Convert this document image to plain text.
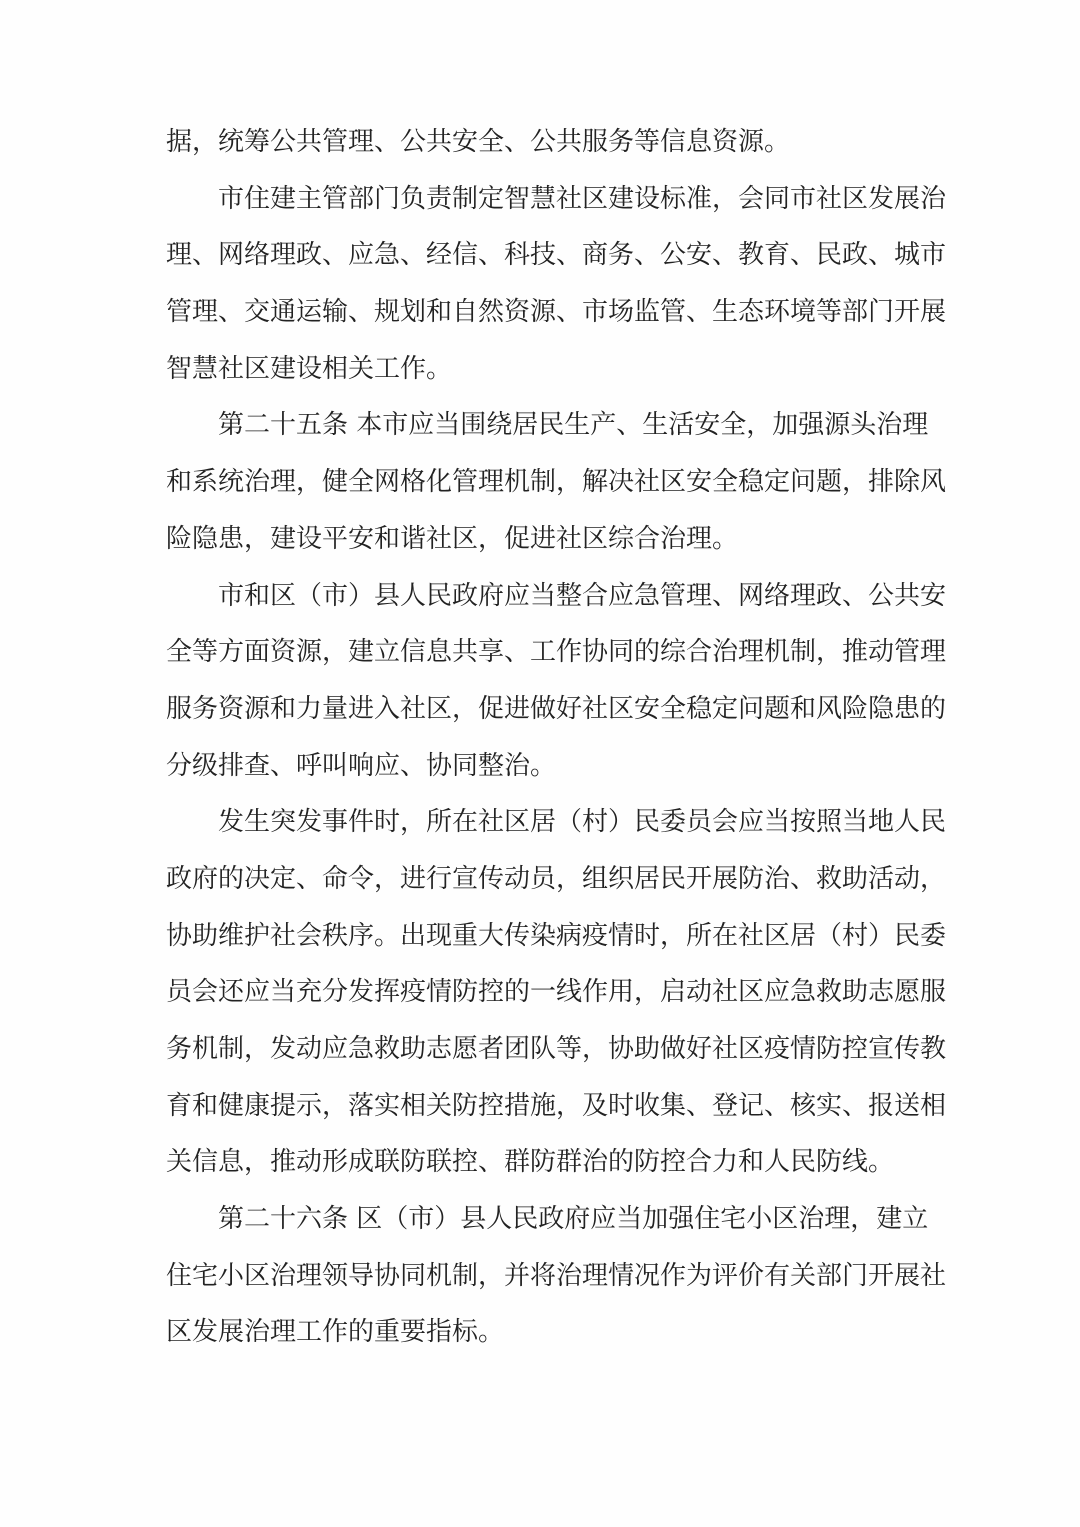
据，统筹公共管理、公共安全、公共服务等信息资源。
市住建主管部门负责制定智慧社区建设标准，会同市社区发展治
理、网络理政、应急、经信、科技、商务、公安、教育、民政、城市
管理、交通运输、规划和自然资源、市场监管、生态环境等部门开展
智慧社区建设相关工作。
第二十五条 本市应当围绕居民生产、生活安全，加强源头治理
和系统治理，健全网格化管理机制，解决社区安全稳定问题，排除风
险隐患，建设平安和谐社区，促进社区综合治理。
市和区（市）县人民政府应当整合应急管理、网络理政、公共安
全等方面资源，建立信息共享、工作协同的综合治理机制，推动管理
服务资源和力量进入社区，促进做好社区安全稳定问题和风险隐患的
分级排查、呼叫响应、协同整治。
发生突发事件时，所在社区居（村）民委员会应当按照当地人民
政府的决定、命令，进行宣传动员，组织居民开展防治、救助活动，
协助维护社会秩序。出现重大传染病疫情时，所在社区居（村）民委
员会还应当充分发挥疫情防控的一线作用，启动社区应急救助志愿服
务机制，发动应急救助志愿者团队等，协助做好社区疫情防控宣传教
育和健康提示，落实相关防控措施，及时收集、登记、核实、报送相
关信息，推动形成联防联控、群防群治的防控合力和人民防线。
第二十六条 区（市）县人民政府应当加强住宅小区治理，建立
住宅小区治理领导协同机制，并将治理情况作为评价有关部门开展社
区发展治理工作的重要指标。
